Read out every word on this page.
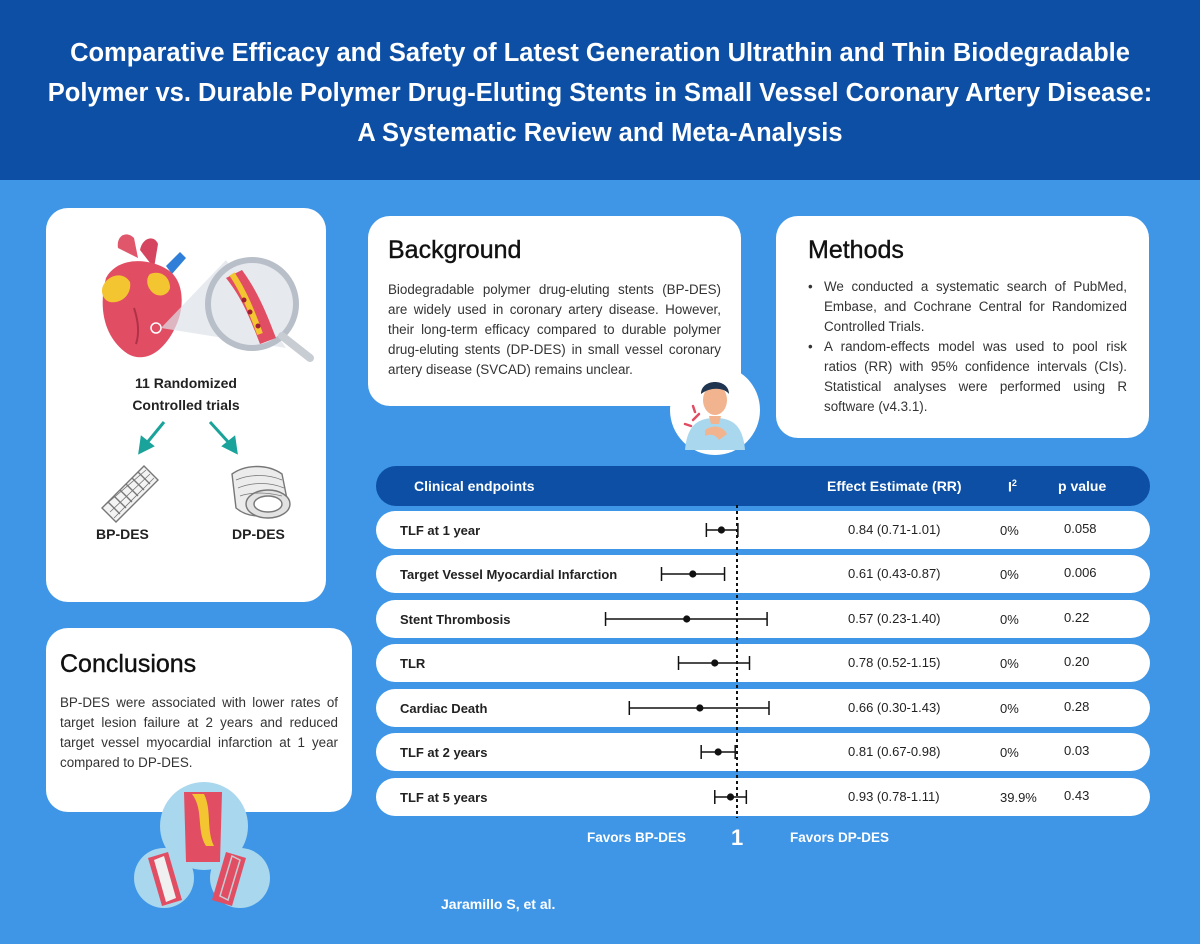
Comparative Efficacy and Safety of Latest Generation Ultrathin and Thin Biodegradable
Polymer vs. Durable Polymer Drug-Eluting Stents in Small Vessel Coronary Artery Disease:
A Systematic Review and Meta-Analysis
11 Randomized
Controlled trials
BP-DES	DP-DES
Background

Biodegradable polymer drug-eluting stents (BP-DES) are widely used in coronary artery disease. However, their long-term efficacy compared to durable polymer drug-eluting stents (DP-DES) in small vessel coronary artery disease (SVCAD) remains unclear.

Methods
• We conducted a systematic search of PubMed, Embase, and Cochrane Central for Randomized Controlled Trials.
• A random-effects model was used to pool risk ratios (RR) with 95% confidence intervals (CIs). Statistical analyses were performed using R software (v4.3.1).
Conclusions

BP-DES were associated with lower rates of target lesion failure at 2 years and reduced target vessel myocardial infarction at 1 year compared to DP-DES.

Clinical endpoints	Effect Estimate (RR)	$I^2$	p value
TLF at 1 year	0.84 (0.71-1.01)	0%	0.058
Target Vessel Myocardial Infarction	0.61 (0.43-0.87)	0%	0.006
Stent Thrombosis	0.57 (0.23-1.40)	0%	0.22
TLR	0.78 (0.52-1.15)	0%	0.20
Cardiac Death	0.66 (0.30-1.43)	0%	0.28
TLF at 2 years	0.81 (0.67-0.98)	0%	0.03
TLF at 5 years	0.93 (0.78-1.11)	39.9% 0.43
Favors BP-DES 1	Favors DP-DES
Jaramillo S, et al.
